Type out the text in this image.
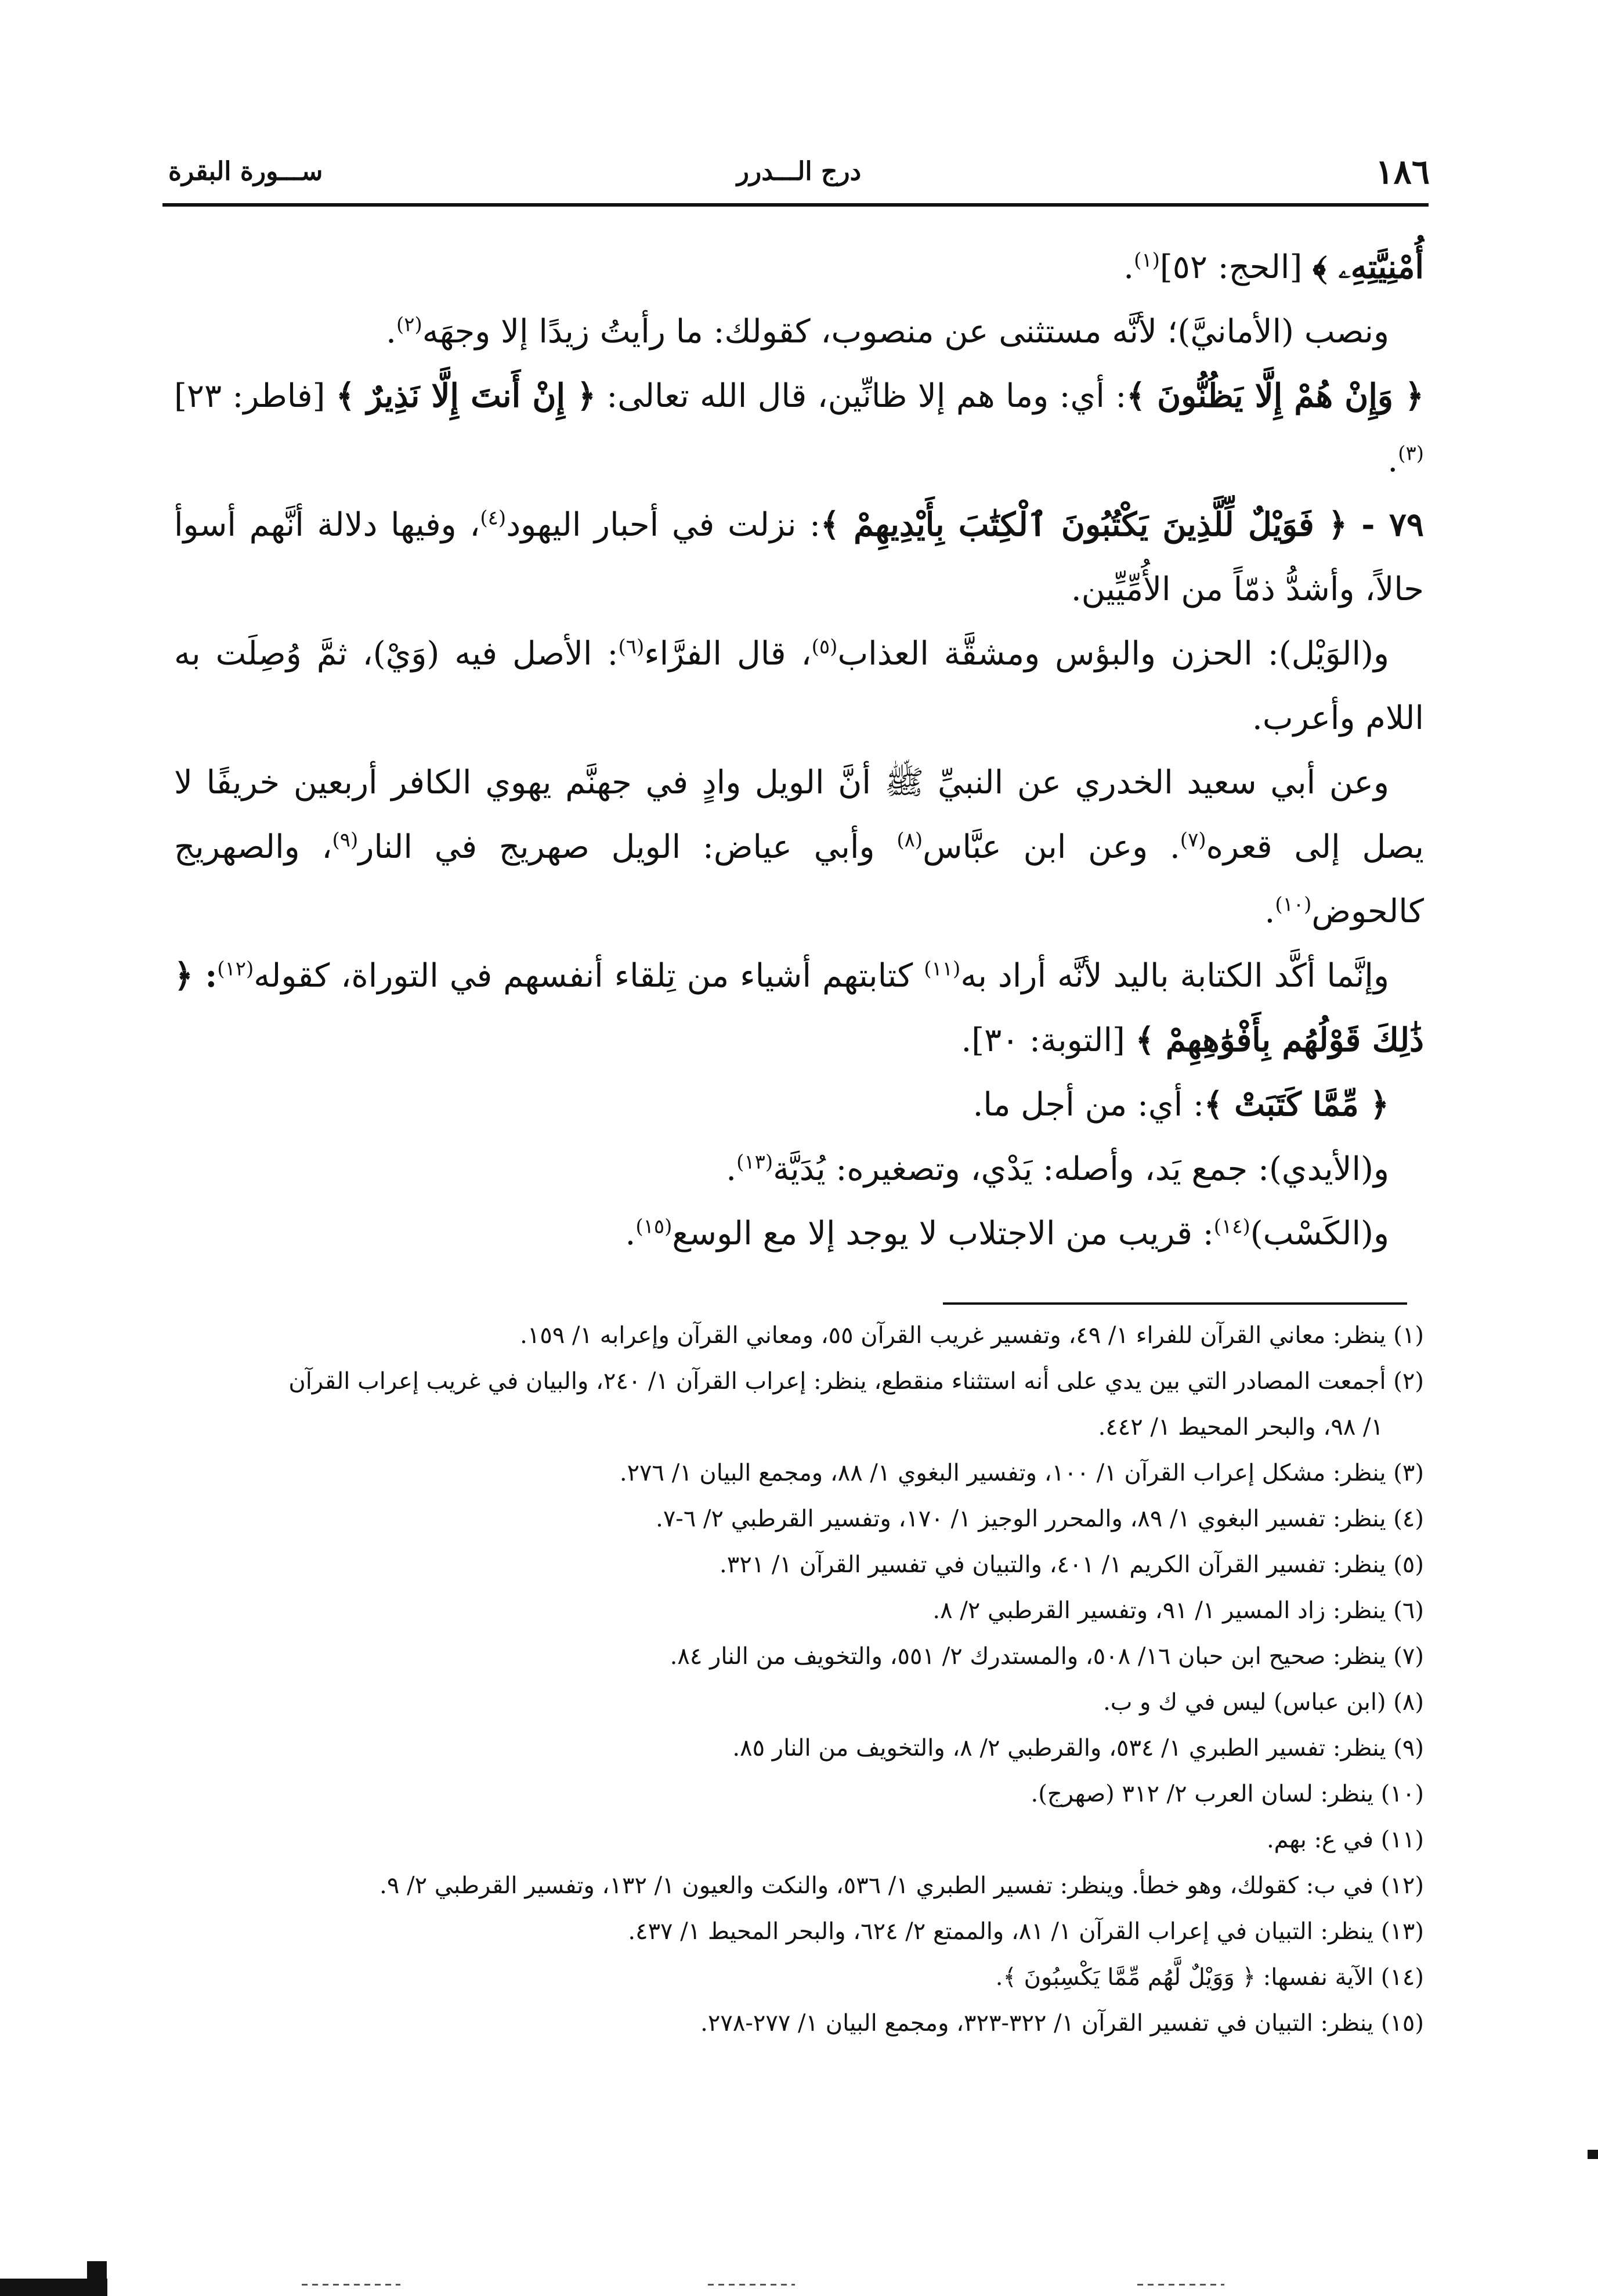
١٨٦
درج الـــدرر
ســـورة البقرة

أُمْنِيَّتِهِۦ ﴾ [الحج: ٥٢]$^{(١)}$.

ونصب (الأمانيَّ)؛ لأنَّه مستثنى عن منصوب، كقولك: ما رأيتُ زيدًا إلا وجهَه$^{(٢)}$.

﴿ وَإِنْ هُمْ إِلَّا يَظُنُّونَ ﴾: أي: وما هم إلا ظانِّين، قال الله تعالى: ﴿ إِنْ أَنتَ إِلَّا نَذِيرٌ ﴾ [فاطر: ٢٣]$^{(٣)}$.

٧٩ - ﴿ فَوَيْلٌ لِّلَّذِينَ يَكْتُبُونَ ٱلْكِتَٰبَ بِأَيْدِيهِمْ ﴾: نزلت في أحبار اليهود$^{(٤)}$، وفيها دلالة أنَّهم أسوأ حالاً، وأشدُّ ذمّاً من الأُمِّيِّين.

و(الوَيْل): الحزن والبؤس ومشقَّة العذاب$^{(٥)}$، قال الفرَّاء$^{(٦)}$: الأصل فيه (وَيْ)، ثمَّ وُصِلَت به اللام وأعرب.

وعن أبي سعيد الخدري عن النبيِّ ﷺ أنَّ الويل وادٍ في جهنَّم يهوي الكافر أربعين خريفًا لا يصل إلى قعره$^{(٧)}$. وعن ابن عبَّاس$^{(٨)}$ وأبي عياض: الويل صهريج في النار$^{(٩)}$، والصهريج كالحوض$^{(١٠)}$.

وإنَّما أكَّد الكتابة باليد لأنَّه أراد به$^{(١١)}$ كتابتهم أشياء من تِلقاء أنفسهم في التوراة، كقوله$^{(١٢)}$: ﴿ ذَٰلِكَ قَوْلُهُم بِأَفْوَٰهِهِمْ ﴾ [التوبة: ٣٠].

﴿ مِّمَّا كَتَبَتْ ﴾: أي: من أجل ما.

و(الأيدي): جمع يَد، وأصله: يَدْي، وتصغيره: يُدَيَّة$^{(١٣)}$.

و(الكَسْب)$^{(١٤)}$: قريب من الاجتلاب لا يوجد إلا مع الوسع$^{(١٥)}$.

(١) ينظر: معاني القرآن للفراء ١/ ٤٩، وتفسير غريب القرآن ٥٥، ومعاني القرآن وإعرابه ١/ ١٥٩.

(٢) أجمعت المصادر التي بين يدي على أنه استثناء منقطع، ينظر: إعراب القرآن ١/ ٢٤٠، والبيان في غريب إعراب القرآن

١/ ٩٨، والبحر المحيط ١/ ٤٤٢.

(٣) ينظر: مشكل إعراب القرآن ١/ ١٠٠، وتفسير البغوي ١/ ٨٨، ومجمع البيان ١/ ٢٧٦.

(٤) ينظر: تفسير البغوي ١/ ٨٩، والمحرر الوجيز ١/ ١٧٠، وتفسير القرطبي ٢/ ٦-٧.

(٥) ينظر: تفسير القرآن الكريم ١/ ٤٠١، والتبيان في تفسير القرآن ١/ ٣٢١.

(٦) ينظر: زاد المسير ١/ ٩١، وتفسير القرطبي ٢/ ٨.

(٧) ينظر: صحيح ابن حبان ١٦/ ٥٠٨، والمستدرك ٢/ ٥٥١، والتخويف من النار ٨٤.

(٨) (ابن عباس) ليس في ك و ب.

(٩) ينظر: تفسير الطبري ١/ ٥٣٤، والقرطبي ٢/ ٨، والتخويف من النار ٨٥.

(١٠) ينظر: لسان العرب ٢/ ٣١٢ (صهرج).

(١١) في ع: بهم.

(١٢) في ب: كقولك، وهو خطأ. وينظر: تفسير الطبري ١/ ٥٣٦، والنكت والعيون ١/ ١٣٢، وتفسير القرطبي ٢/ ٩.

(١٣) ينظر: التبيان في إعراب القرآن ١/ ٨١، والممتع ٢/ ٦٢٤، والبحر المحيط ١/ ٤٣٧.

(١٤) الآية نفسها: ﴿ وَوَيْلٌ لَّهُم مِّمَّا يَكْسِبُونَ ﴾.

(١٥) ينظر: التبيان في تفسير القرآن ١/ ٣٢٢-٣٢٣، ومجمع البيان ١/ ٢٧٧-٢٧٨.
